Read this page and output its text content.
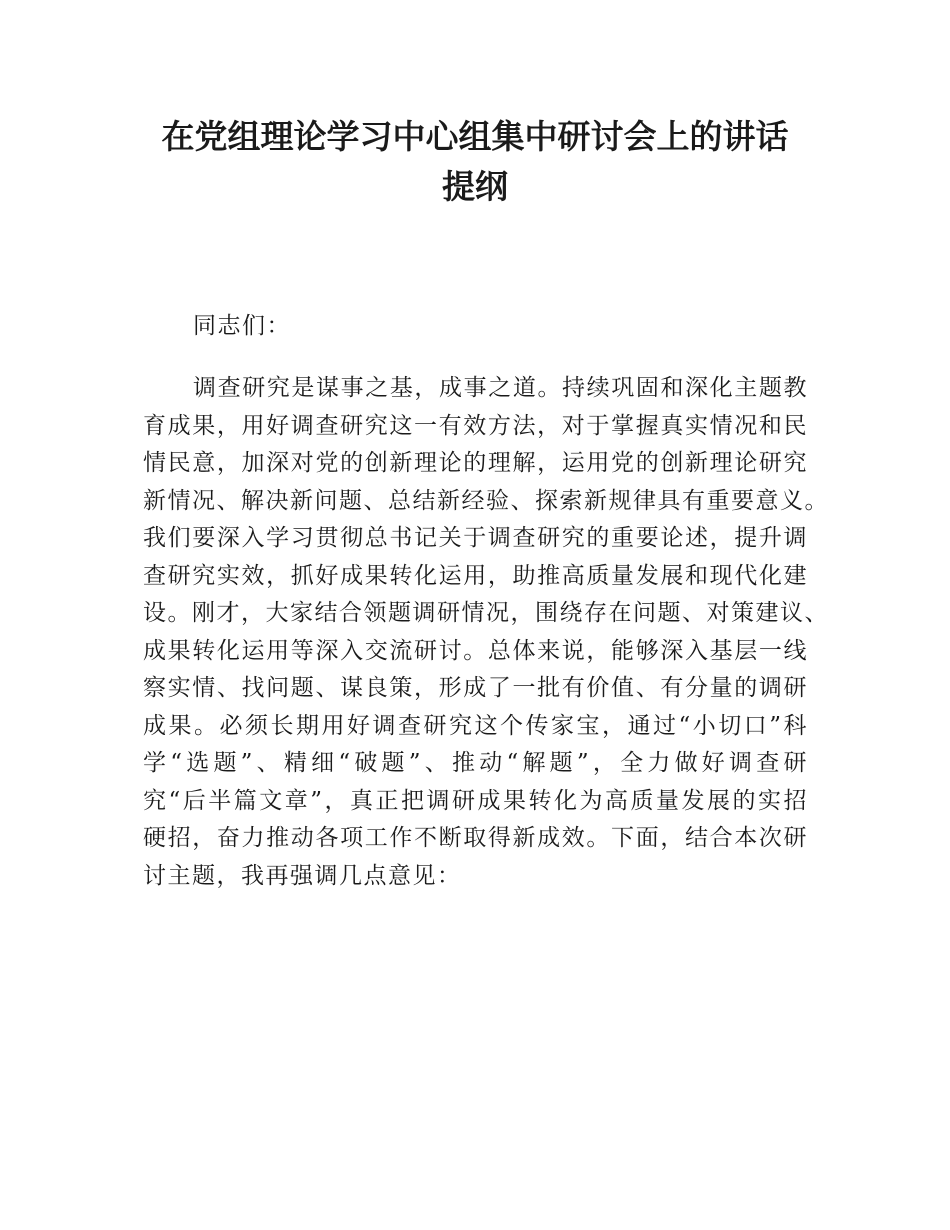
在党组理论学习中心组集中研讨会上的讲话
提纲
同志们：
调查研究是谋事之基，成事之道。持续巩固和深化主题教
育成果，用好调查研究这一有效方法，对于掌握真实情况和民
情民意，加深对党的创新理论的理解，运用党的创新理论研究
新情况、解决新问题、总结新经验、探索新规律具有重要意义。
我们要深入学习贯彻总书记关于调查研究的重要论述，提升调
查研究实效，抓好成果转化运用，助推高质量发展和现代化建
设。刚才，大家结合领题调研情况，围绕存在问题、对策建议、
成果转化运用等深入交流研讨。总体来说，能够深入基层一线
察实情、找问题、谋良策，形成了一批有价值、有分量的调研
成果。必须长期用好调查研究这个传家宝，通过“小切口”科
学“选题”、精细“破题”、推动“解题”，全力做好调查研
究“后半篇文章”，真正把调研成果转化为高质量发展的实招
硬招，奋力推动各项工作不断取得新成效。下面，结合本次研
讨主题，我再强调几点意见：
